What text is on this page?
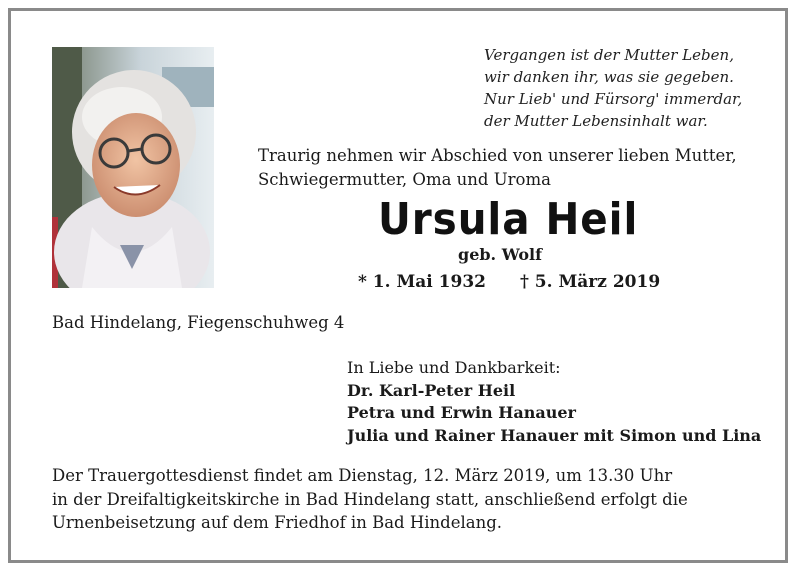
Vergangen ist der Mutter Leben,
wir danken ihr, was sie gegeben.
Nur Lieb' und Fürsorg' immerdar,
der Mutter Lebensinhalt war.
Traurig nehmen wir Abschied von unserer lieben Mutter,
Schwiegermutter, Oma und Uroma
Ursula Heil
geb. Wolf
* 1. Mai 1932 † 5. März 2019
Bad Hindelang, Fiegenschuhweg 4
In Liebe und Dankbarkeit:
Dr. Karl-Peter Heil
Petra und Erwin Hanauer
Julia und Rainer Hanauer mit Simon und Lina
Der Trauergottesdienst findet am Dienstag, 12. März 2019, um 13.30 Uhr
in der Dreifaltigkeitskirche in Bad Hindelang statt, anschließend erfolgt die
Urnenbeisetzung auf dem Friedhof in Bad Hindelang.
